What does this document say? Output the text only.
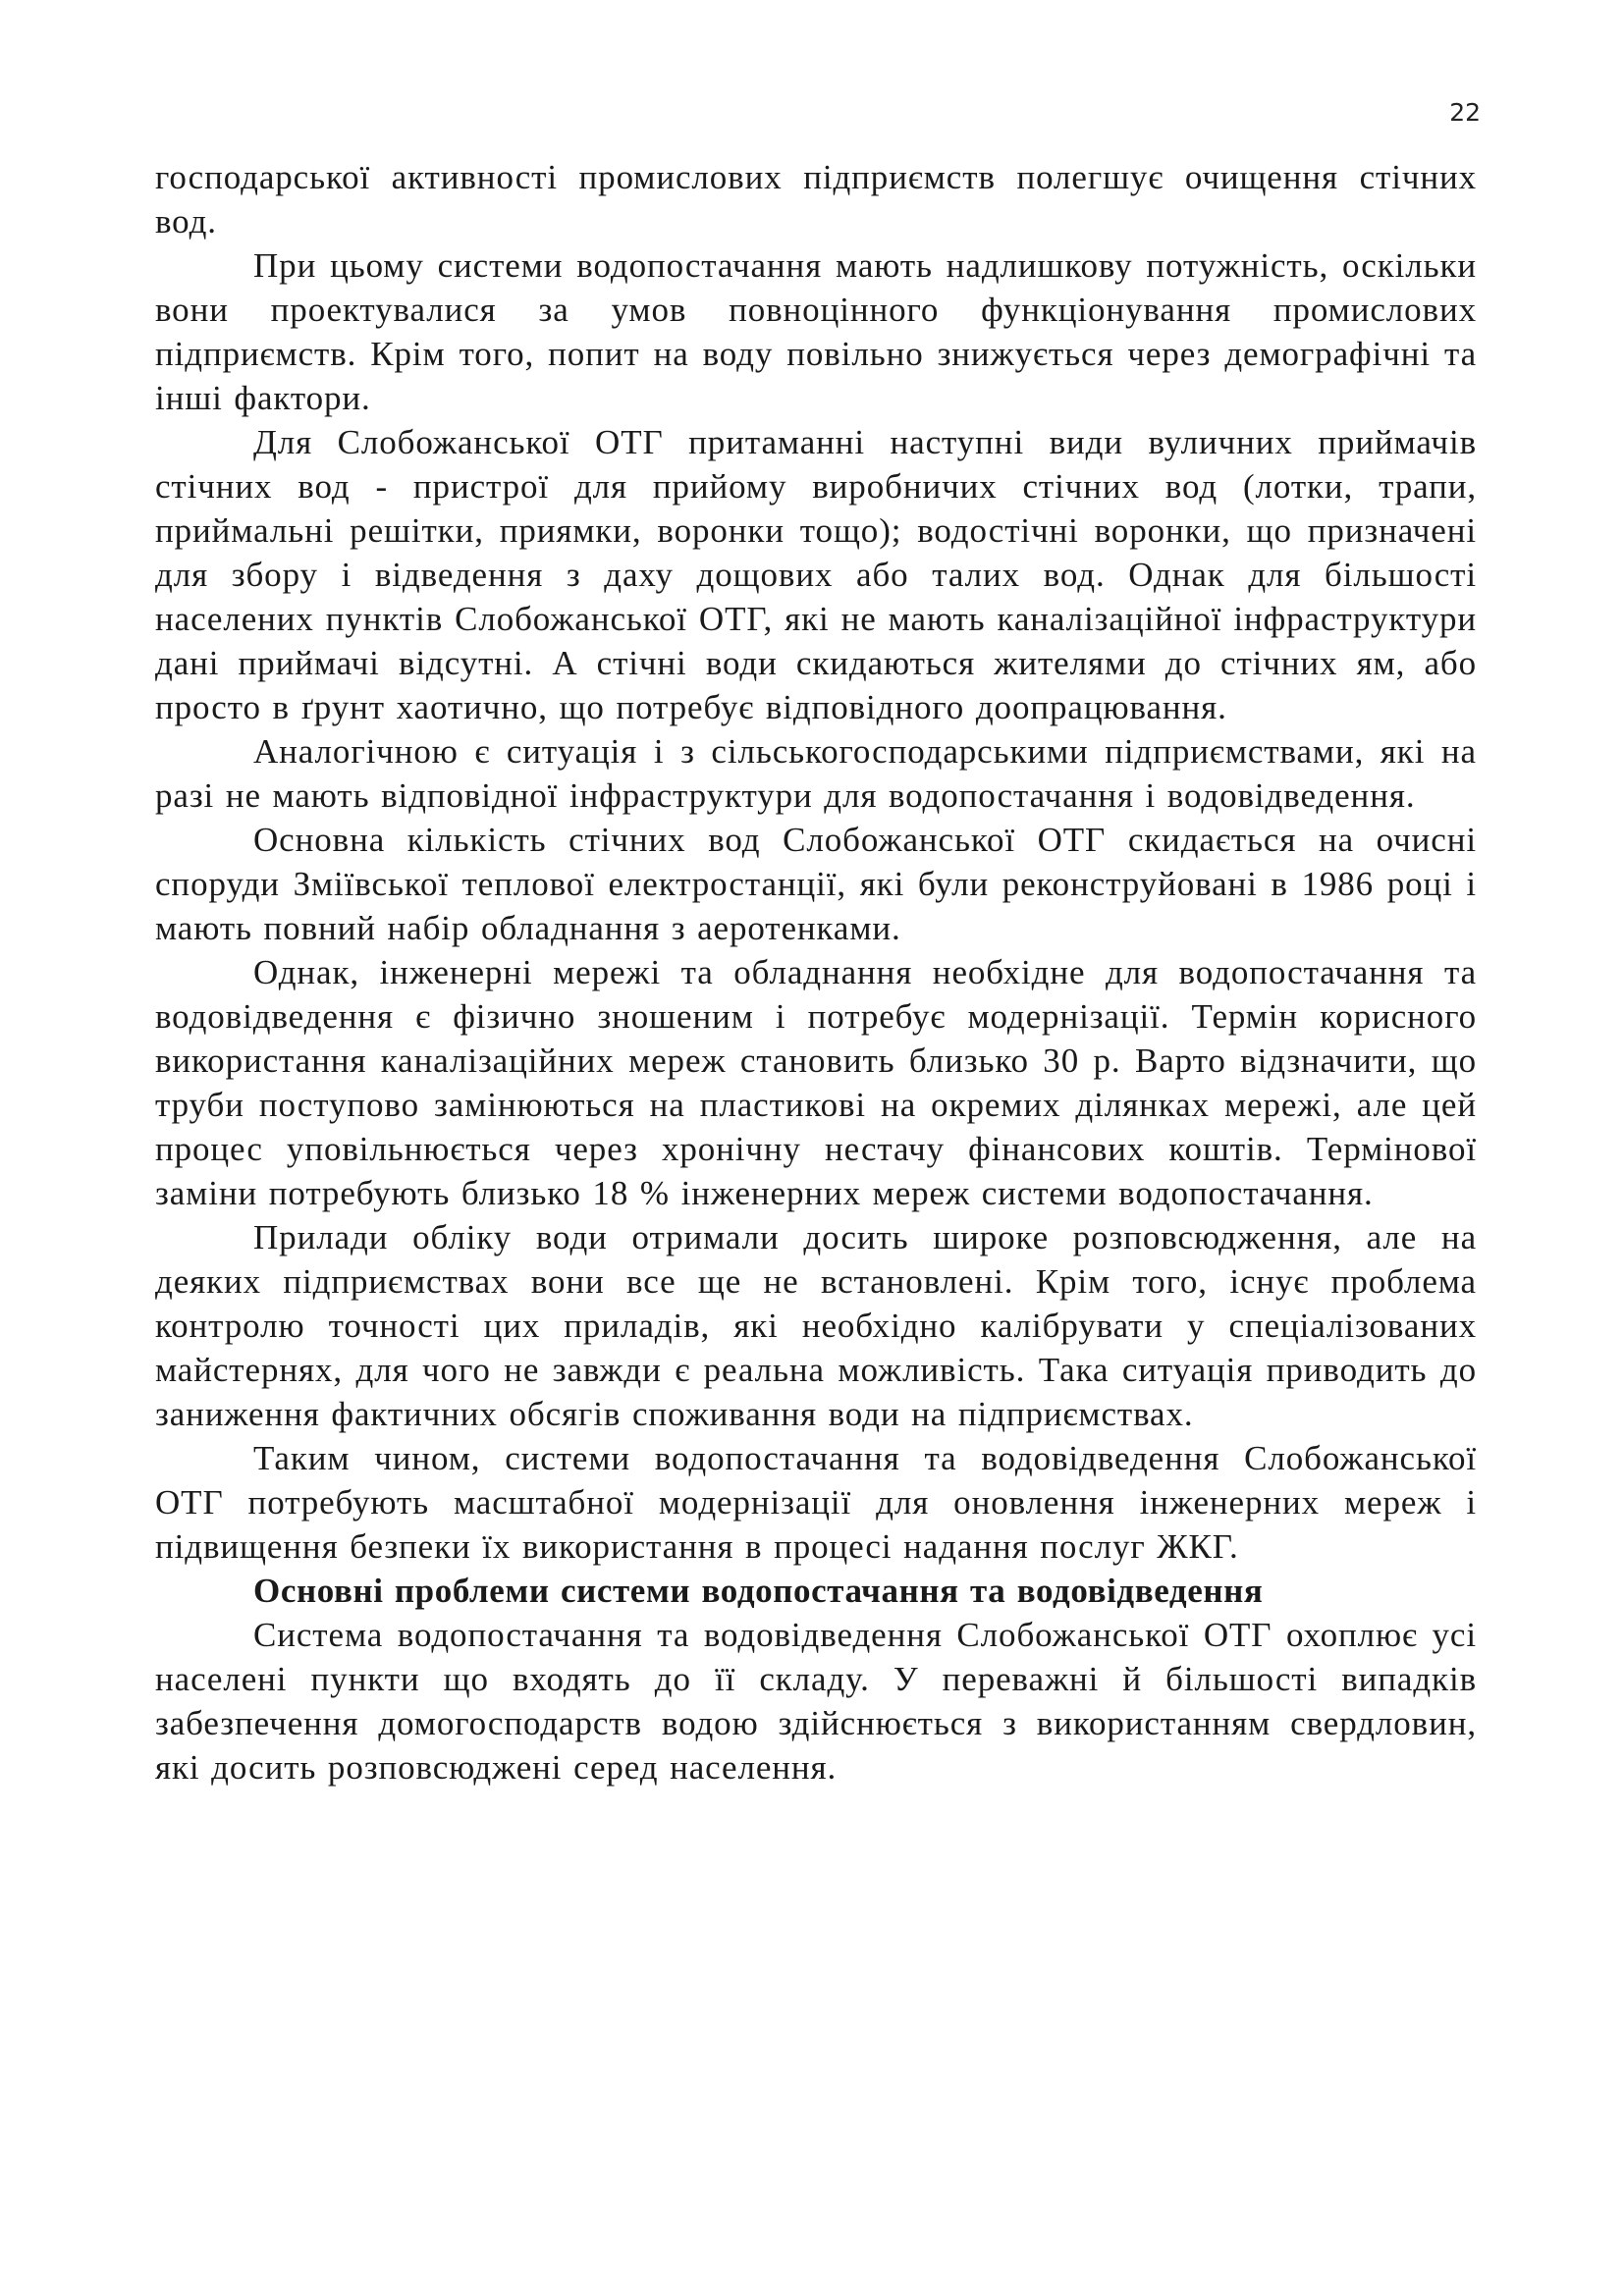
22

господарської активності промислових підприємств полегшує очищення стічних вод.

При цьому системи водопостачання мають надлишкову потужність, оскільки вони проектувалися за умов повноцінного функціонування промислових підприємств. Крім того, попит на воду повільно знижується через демографічні та інші фактори.

Для Слобожанської ОТГ притаманні наступні види вуличних приймачів стічних вод - пристрої для прийому виробничих стічних вод (лотки, трапи, приймальні решітки, приямки, воронки тощо); водостічні воронки, що призначені для збору і відведення з даху дощових або талих вод. Однак для більшості населених пунктів Слобожанської ОТГ, які не мають каналізаційної інфраструктури дані приймачі відсутні. А стічні води скидаються жителями до стічних ям, або просто в ґрунт хаотично, що потребує відповідного доопрацювання.

Аналогічною є ситуація і з сільськогосподарськими підприємствами, які на разі не мають відповідної інфраструктури для водопостачання і водовідведення.

Основна кількість стічних вод Слобожанської ОТГ скидається на очисні споруди Зміївської теплової електростанції, які були реконструйовані в 1986 році і мають повний набір обладнання з аеротенками.

Однак, інженерні мережі та обладнання необхідне для водопостачання та водовідведення є фізично зношеним і потребує модернізації. Термін корисного використання каналізаційних мереж становить близько 30 р. Варто відзначити, що труби поступово замінюються на пластикові на окремих ділянках мережі, але цей процес уповільнюється через хронічну нестачу фінансових коштів. Термінової заміни потребують близько 18 % інженерних мереж системи водопостачання.

Прилади обліку води отримали досить широке розповсюдження, але на деяких підприємствах вони все ще не встановлені. Крім того, існує проблема контролю точності цих приладів, які необхідно калібрувати у спеціалізованих майстернях, для чого не завжди є реальна можливість. Така ситуація приводить до заниження фактичних обсягів споживання води на підприємствах.

Таким чином, системи водопостачання та водовідведення Слобожанської ОТГ потребують масштабної модернізації для оновлення інженерних мереж і підвищення безпеки їх використання в процесі надання послуг ЖКГ.

Основні проблеми системи водопостачання та водовідведення

Система водопостачання та водовідведення Слобожанської ОТГ охоплює усі населені пункти що входять до її складу. У переважні й більшості випадків забезпечення домогосподарств водою здійснюється з використанням свердловин, які досить розповсюджені серед населення.
